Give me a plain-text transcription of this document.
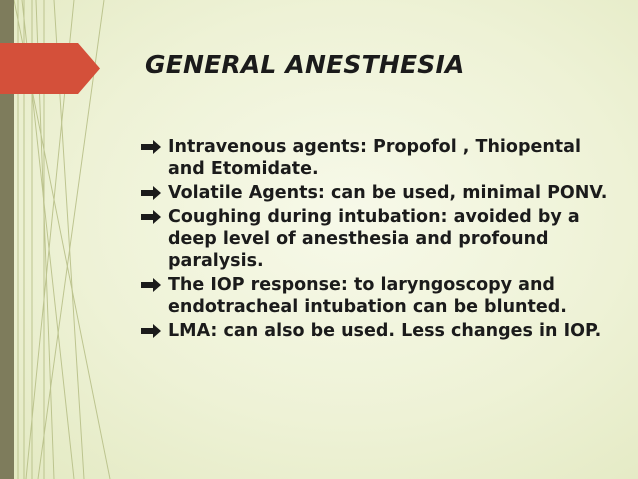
GENERAL ANESTHESIA
Intravenous agents: Propofol , Thiopental and Etomidate.
Volatile Agents: can be used, minimal PONV.
Coughing during intubation: avoided by a deep level of anesthesia and profound paralysis.
The IOP response: to laryngoscopy and endotracheal intubation can be blunted.
LMA: can also be used. Less changes in IOP.
